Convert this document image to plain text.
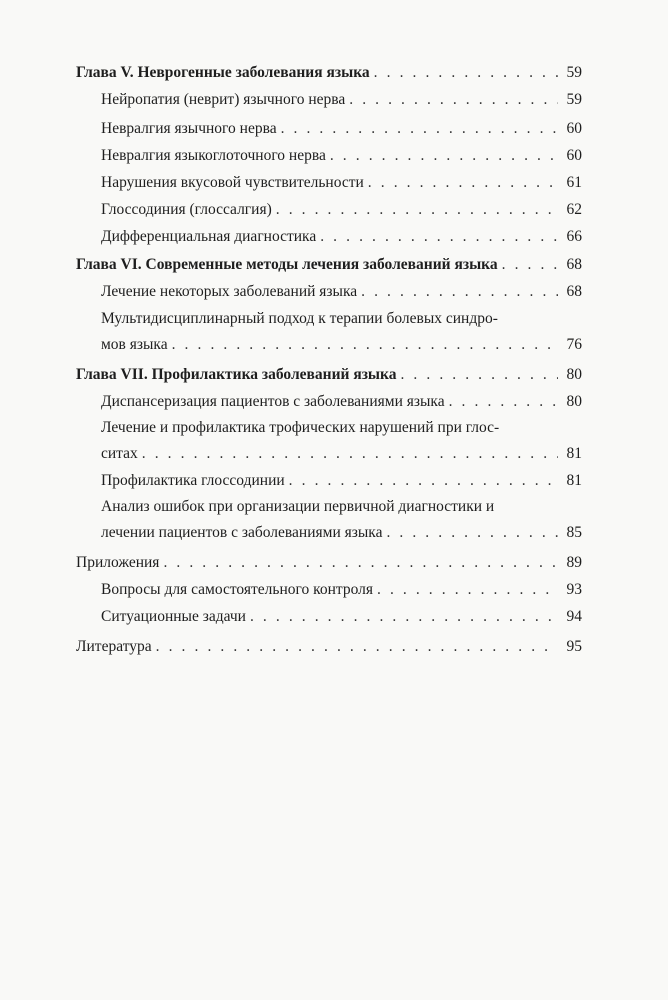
Глава V. Неврогенные заболевания языка . . .	59
Нейропатия (неврит) язычного нерва . . .	59
Невралгия язычного нерва . . .	60
Невралгия языкоглоточного нерва . . .	60
Нарушения вкусовой чувствительности . . .	61
Глоссодиния (глоссалгия) . . .	62
Дифференциальная диагностика . . .	66
Глава VI. Современные методы лечения заболеваний языка . . .	68
Лечение некоторых заболеваний языка . . .	68
Мультидисциплинарный подход к терапии болевых синдро-
мов языка . . .	76
Глава VII. Профилактика заболеваний языка . . .	80
Диспансеризация пациентов с заболеваниями языка . . .	80
Лечение и профилактика трофических нарушений при глос-
ситах . . .	81
Профилактика глоссодинии . . .	81
Анализ ошибок при организации первичной диагностики и
лечении пациентов с заболеваниями языка . . .	85
Приложения . . .	89
Вопросы для самостоятельного контроля . . .	93
Ситуационные задачи . . .	94
Литература . . .	95
